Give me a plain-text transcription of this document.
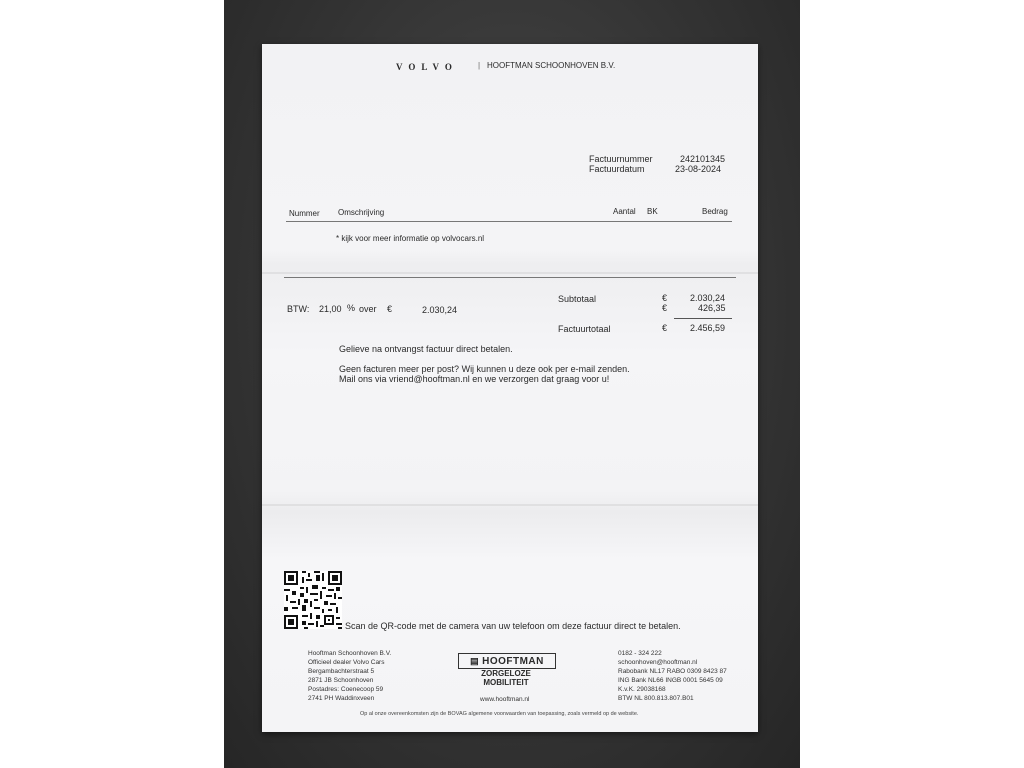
VOLVO	| HOOFTMAN SCHOONHOVEN B.V.
Factuurnummer	242101345
Factuurdatum	23-08-2024
Nummer Omschrijving	Aantal BK	Bedrag
* kijk voor meer informatie op volvocars.nl
BTW: 21,00 % over €	2.030,24
Subtotaal	€	2.030,24
€	426,35
Factuurtotaal	€	2.456,59
Gelieve na ontvangst factuur direct betalen.
Geen facturen meer per post? Wij kunnen u deze ook per e-mail zenden.
Mail ons via vriend@hooftman.nl en we verzorgen dat graag voor u!
Scan de QR-code met de camera van uw telefoon om deze factuur direct te betalen.
Hooftman Schoonhoven B.V.
Officieel dealer Volvo Cars
Bergambachterstraat 5
2871 JB Schoonhoven
Postadres: Coenecoop 59
2741 PH Waddinxveen
▤ HOOFTMAN
ZORGELOZE MOBILITEIT
www.hooftman.nl
0182 - 324 222
schoonhoven@hooftman.nl
Rabobank NL17 RABO 0309 8423 87
ING Bank NL66 INGB 0001 5645 09
K.v.K. 29038168
BTW NL 800.813.807.B01
Op al onze overeenkomsten zijn de BOVAG algemene voorwaarden van toepassing, zoals vermeld op de website.
